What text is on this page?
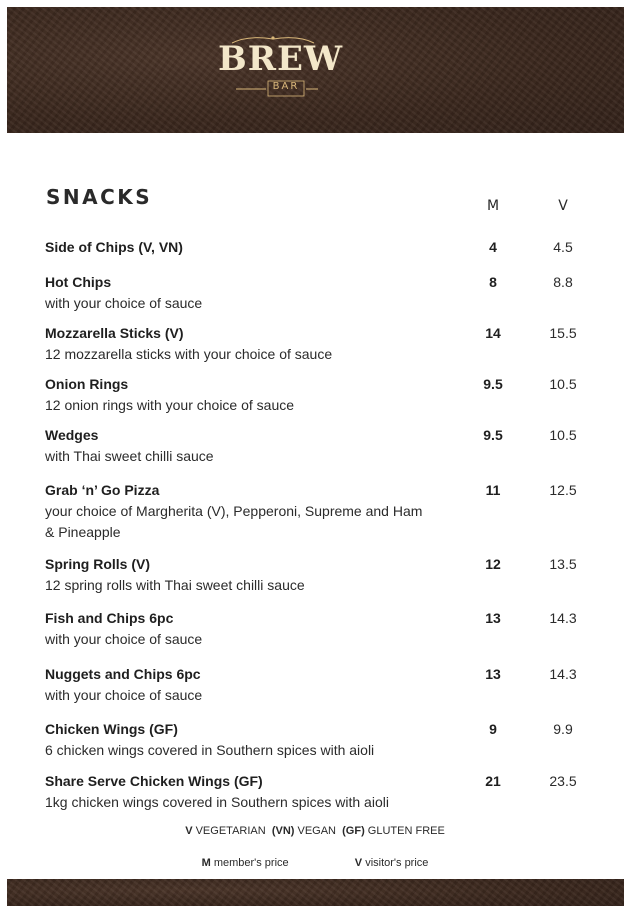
BREW
BAR
SNACKS	M	V
Side of Chips (V, VN)	4	4.5
Hot Chips
with your choice of sauce
8	8.8
Mozzarella Sticks (V)
12 mozzarella sticks with your choice of sauce
14	15.5
Onion Rings
12 onion rings with your choice of sauce
9.5	10.5
Wedges
with Thai sweet chilli sauce
9.5	10.5
Grab ‘n’ Go Pizza
your choice of Margherita (V), Pepperoni, Supreme and Ham & Pineapple
11	12.5
Spring Rolls (V)
12 spring rolls with Thai sweet chilli sauce
12	13.5
Fish and Chips 6pc
with your choice of sauce
13	14.3
Nuggets and Chips 6pc
with your choice of sauce
13	14.3
Chicken Wings (GF)
6 chicken wings covered in Southern spices with aioli
9	9.9
Share Serve Chicken Wings (GF)
1kg chicken wings covered in Southern spices with aioli
21	23.5
V VEGETARIAN (VN) VEGAN (GF) GLUTEN FREE
M member's price	V visitor's price
